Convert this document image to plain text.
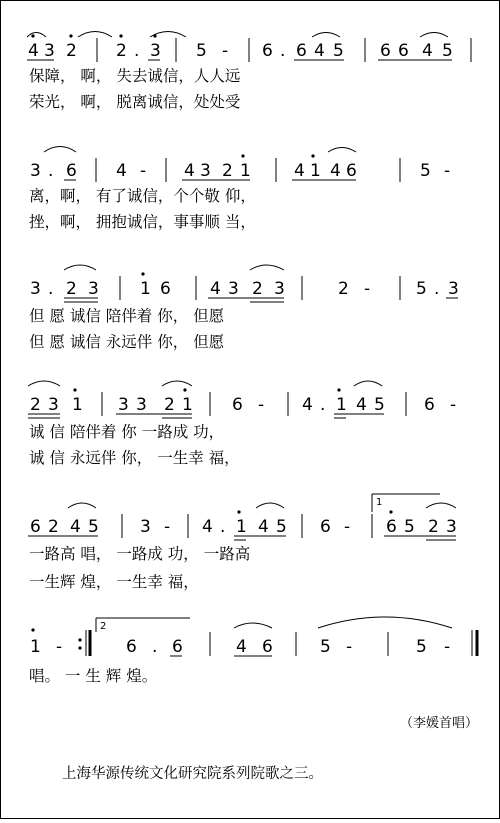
4 3 2 2 . 3 5 - 6 . 6 4 5 6 6 4 5
3 . 6 4 - 4 3 2 1	4 1 4 6	5 -
3 . 2 3 1 6 4 3 2 3	2 -	5 . 3
2 3 1 3 3 2 1 6 - 4 . 1 4 5 6 -
6 2 4 5 3 - 4 . 1 4 5 6 -
1
6 5 2 3
1 -
2
6 . 6	4 6	5 -	5 -
保障， 啊， 失去诚信，人人远
荣光， 啊， 脱离诚信，处处受
离，啊， 有了诚信，个个敬 仰，
挫，啊， 拥抱诚信，事事顺 当，
但 愿 诚信 陪伴着 你， 但愿
但 愿 诚信 永远伴 你， 但愿
诚 信 陪伴着 你 一路成 功，
诚 信 永远伴 你， 一生幸 福，
一路高 唱， 一路成 功， 一路高
一生辉 煌， 一生幸 福，
唱。 一 生 辉 煌。
（李媛首唱）
上海华源传统文化研究院系列院歌之三。
